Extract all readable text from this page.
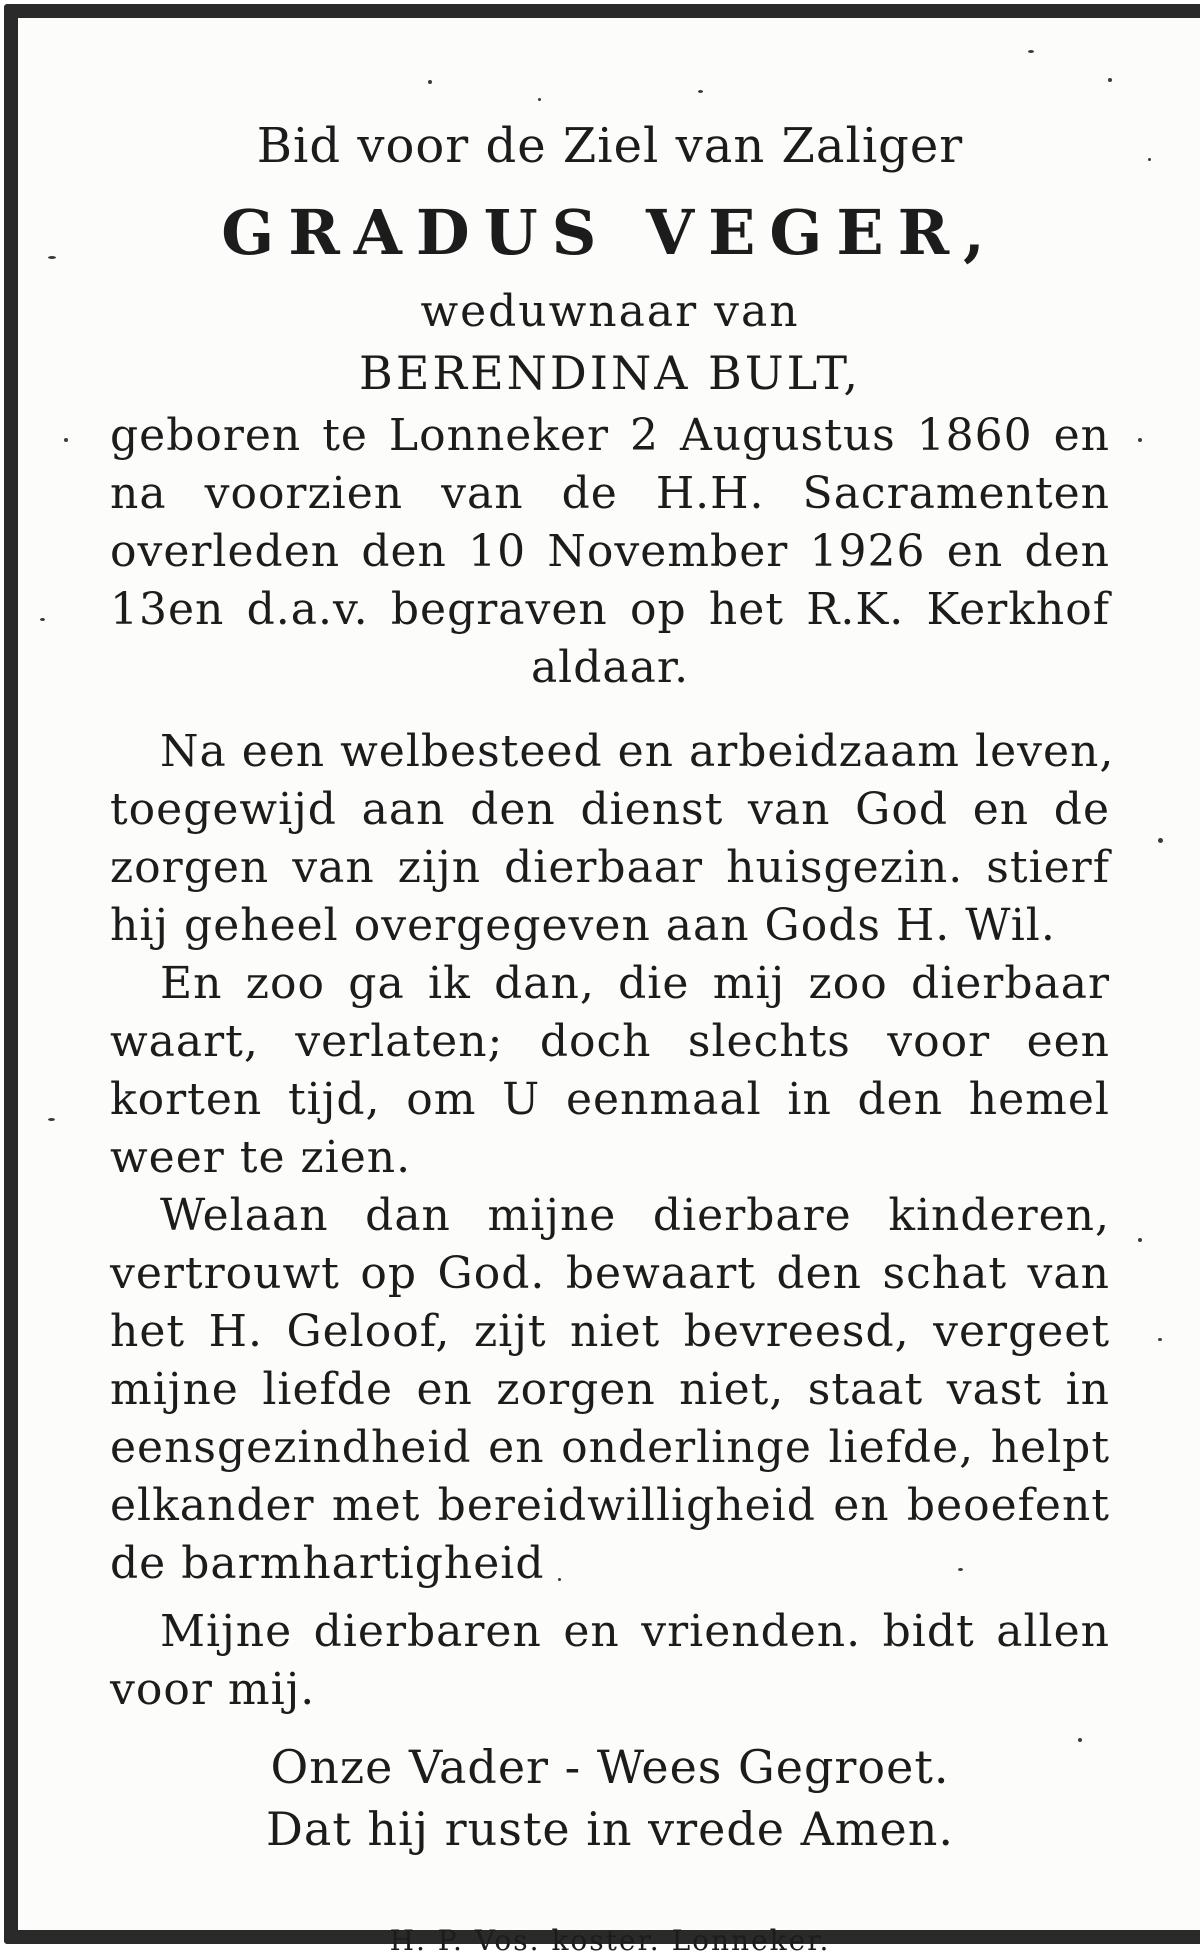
Bid voor de Ziel van Zaliger
GRADUS VEGER,
weduwnaar van
BERENDINA BULT,
geboren te Lonneker 2 Augustus 1860 en
na voorzien van de H.H. Sacramenten
overleden den 10 November 1926 en den
13en d.a.v. begraven op het R.K. Kerkhof
aldaar.
Na een welbesteed en arbeidzaam leven,
toegewijd aan den dienst van God en de
zorgen van zijn dierbaar huisgezin. stierf
hij geheel overgegeven aan Gods H. Wil.
En zoo ga ik dan, die mij zoo dierbaar
waart, verlaten; doch slechts voor een
korten tijd, om U eenmaal in den hemel
weer te zien.
Welaan dan mijne dierbare kinderen,
vertrouwt op God. bewaart den schat van
het H. Geloof, zijt niet bevreesd, vergeet
mijne liefde en zorgen niet, staat vast in
eensgezindheid en onderlinge liefde, helpt
elkander met bereidwilligheid en beoefent
de barmhartigheid
Mijne dierbaren en vrienden. bidt allen
voor mij.
Onze Vader - Wees Gegroet.
Dat hij ruste in vrede Amen.
H. P. Vos. koster. Lonneker.
